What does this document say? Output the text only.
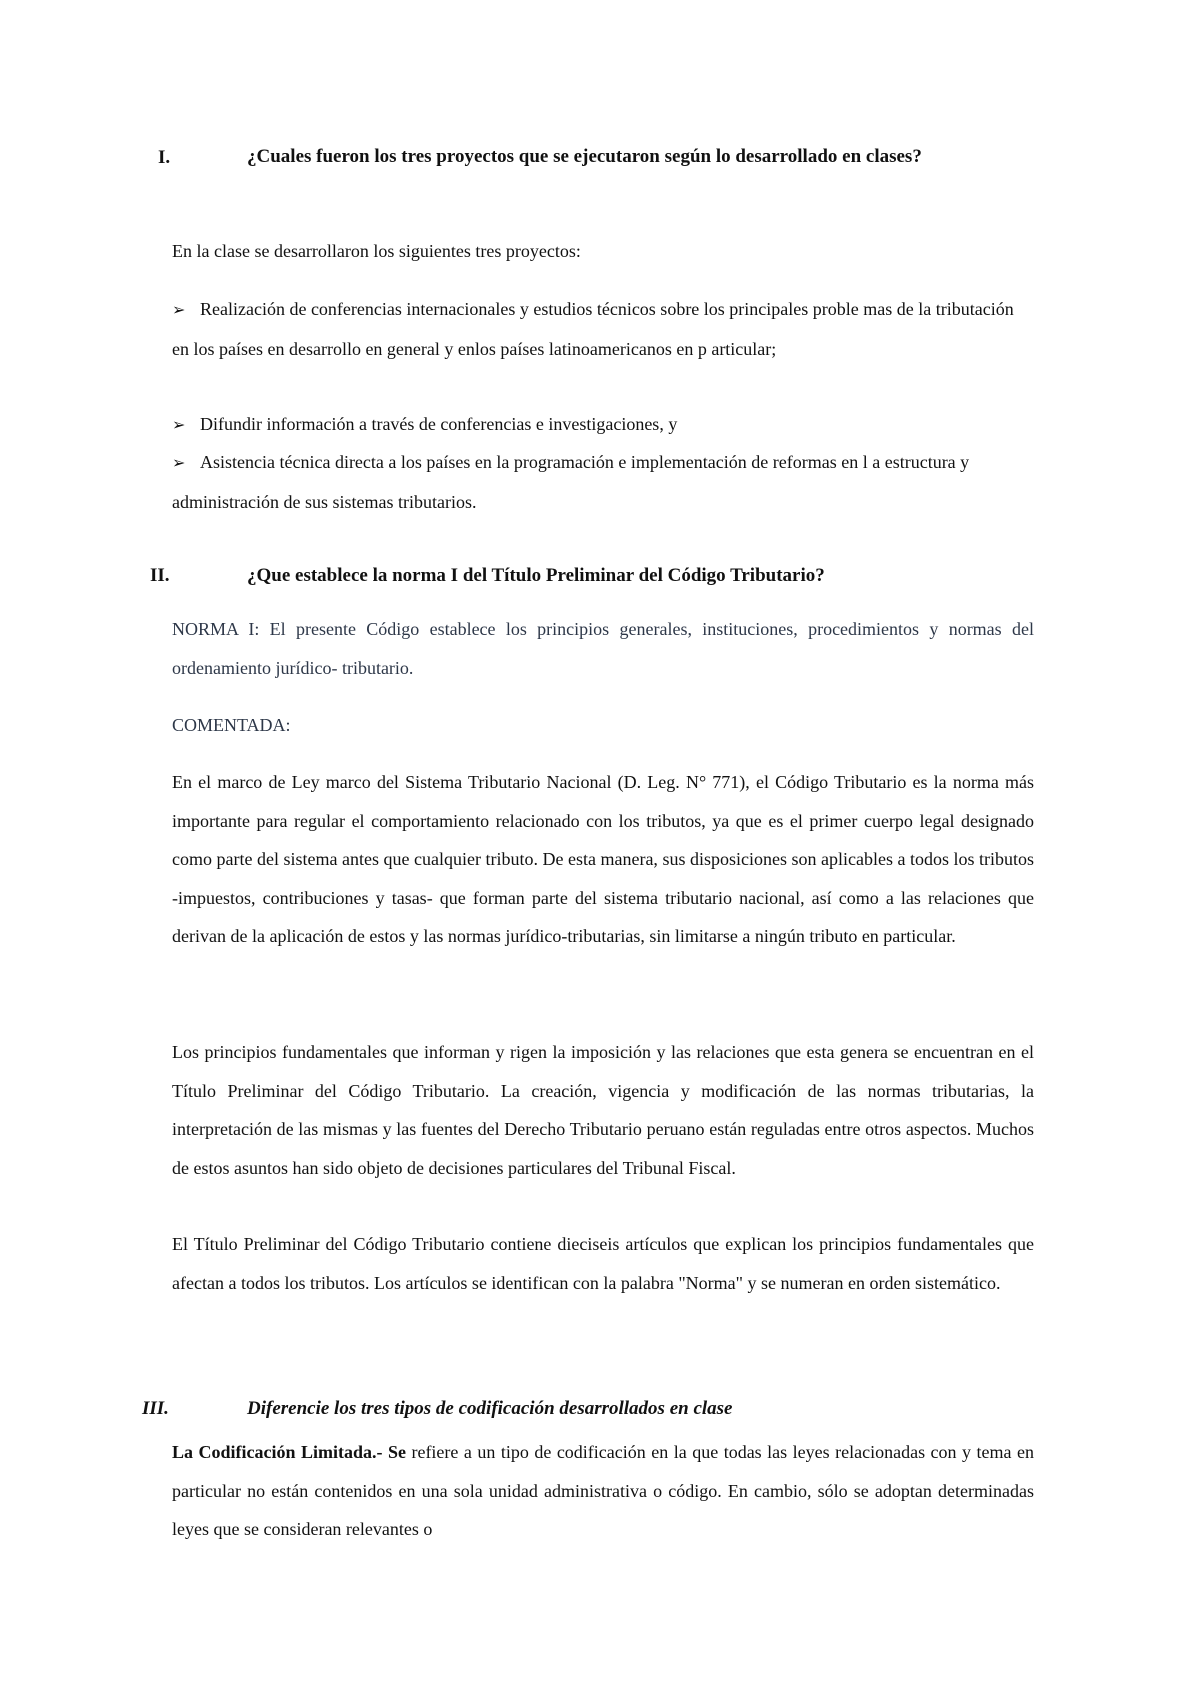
I.	¿Cuales fueron los tres proyectos que se ejecutaron según lo desarrollado en clases?

En la clase se desarrollaron los siguientes tres proyectos:

➢ Realización de conferencias internacionales y estudios técnicos sobre los principales proble mas de la tributación en los países en desarrollo en general y enlos países latinoamericanos en p articular;
➢ Difundir información a través de conferencias e investigaciones, y
➢ Asistencia técnica directa a los países en la programación e implementación de reformas en l a estructura y administración de sus sistemas tributarios.
II.	¿Que establece la norma I del Título Preliminar del Código Tributario?

NORMA I: El presente Código establece los principios generales, instituciones, procedimientos y normas del ordenamiento jurídico- tributario.

COMENTADA:

En el marco de Ley marco del Sistema Tributario Nacional (D. Leg. N° 771), el Código Tributario es la norma más importante para regular el comportamiento relacionado con los tributos, ya que es el primer cuerpo legal designado como parte del sistema antes que cualquier tributo. De esta manera, sus disposiciones son aplicables a todos los tributos -impuestos, contribuciones y tasas- que forman parte del sistema tributario nacional, así como a las relaciones que derivan de la aplicación de estos y las normas jurídico-tributarias, sin limitarse a ningún tributo en particular.

Los principios fundamentales que informan y rigen la imposición y las relaciones que esta genera se encuentran en el Título Preliminar del Código Tributario. La creación, vigencia y modificación de las normas tributarias, la interpretación de las mismas y las fuentes del Derecho Tributario peruano están reguladas entre otros aspectos. Muchos de estos asuntos han sido objeto de decisiones particulares del Tribunal Fiscal.

El Título Preliminar del Código Tributario contiene dieciseis artículos que explican los principios fundamentales que afectan a todos los tributos. Los artículos se identifican con la palabra "Norma" y se numeran en orden sistemático.

III.	Diferencie los tres tipos de codificación desarrollados en clase

La Codificación Limitada.- Se refiere a un tipo de codificación en la que todas las leyes relacionadas con y tema en particular no están contenidos en una sola unidad administrativa o código. En cambio, sólo se adoptan determinadas leyes que se consideran relevantes o
